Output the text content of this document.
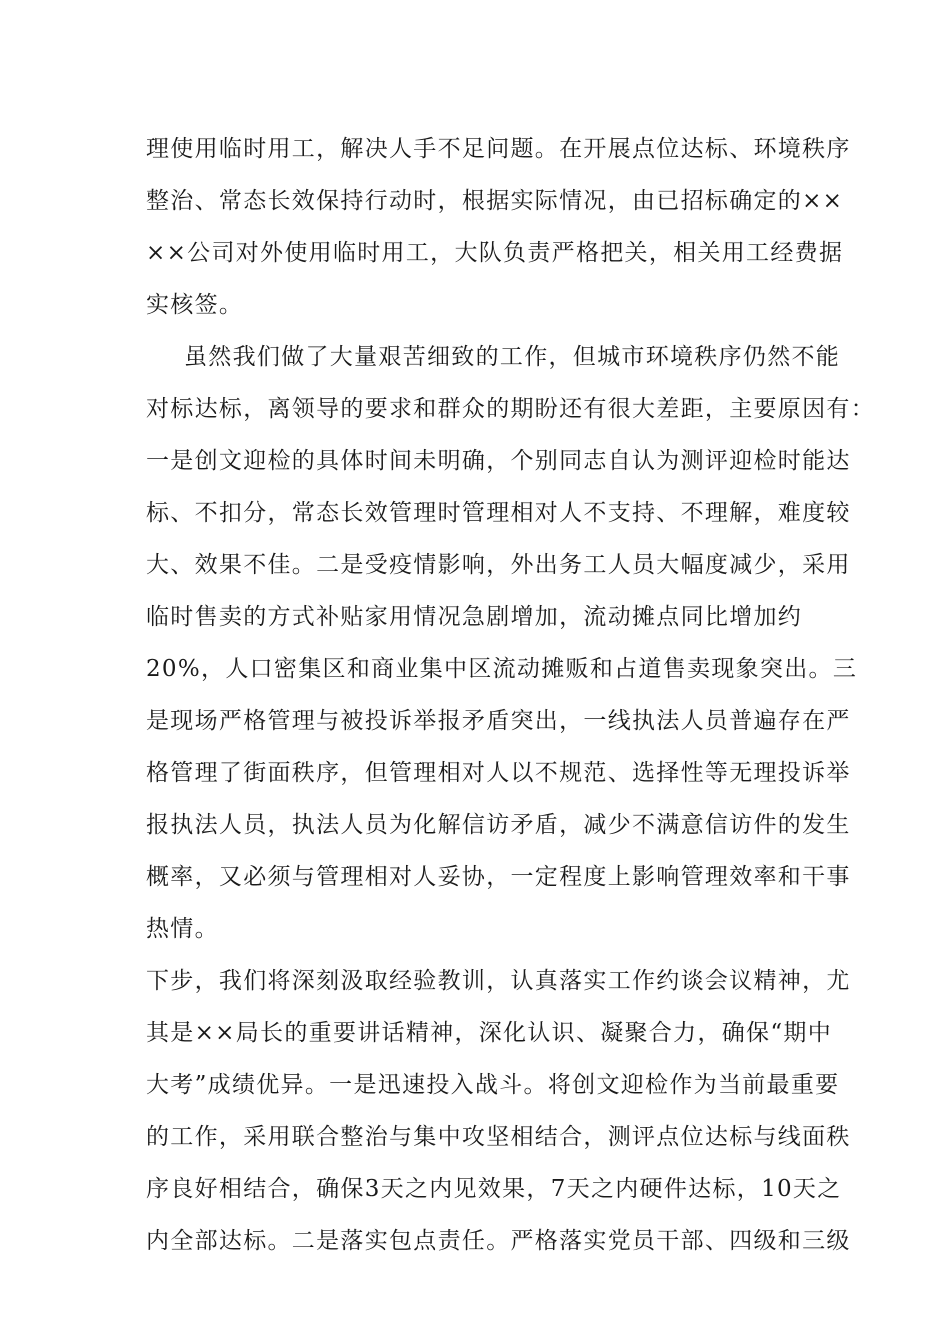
理使用临时用工，解决人手不足问题。在开展点位达标、环境秩序
整治、常态长效保持行动时，根据实际情况，由已招标确定的××
××公司对外使用临时用工，大队负责严格把关，相关用工经费据
实核签。
虽然我们做了大量艰苦细致的工作，但城市环境秩序仍然不能
对标达标，离领导的要求和群众的期盼还有很大差距，主要原因有：
一是创文迎检的具体时间未明确，个别同志自认为测评迎检时能达
标、不扣分，常态长效管理时管理相对人不支持、不理解，难度较
大、效果不佳。二是受疫情影响，外出务工人员大幅度减少，采用
临时售卖的方式补贴家用情况急剧增加，流动摊点同比增加约
20%，人口密集区和商业集中区流动摊贩和占道售卖现象突出。三
是现场严格管理与被投诉举报矛盾突出，一线执法人员普遍存在严
格管理了街面秩序，但管理相对人以不规范、选择性等无理投诉举
报执法人员，执法人员为化解信访矛盾，减少不满意信访件的发生
概率，又必须与管理相对人妥协，一定程度上影响管理效率和干事
热情。
下步，我们将深刻汲取经验教训，认真落实工作约谈会议精神，尤
其是××局长的重要讲话精神，深化认识、凝聚合力，确保“期中
大考”成绩优异。一是迅速投入战斗。将创文迎检作为当前最重要
的工作，采用联合整治与集中攻坚相结合，测评点位达标与线面秩
序良好相结合，确保3天之内见效果，7天之内硬件达标，10天之
内全部达标。二是落实包点责任。严格落实党员干部、四级和三级
